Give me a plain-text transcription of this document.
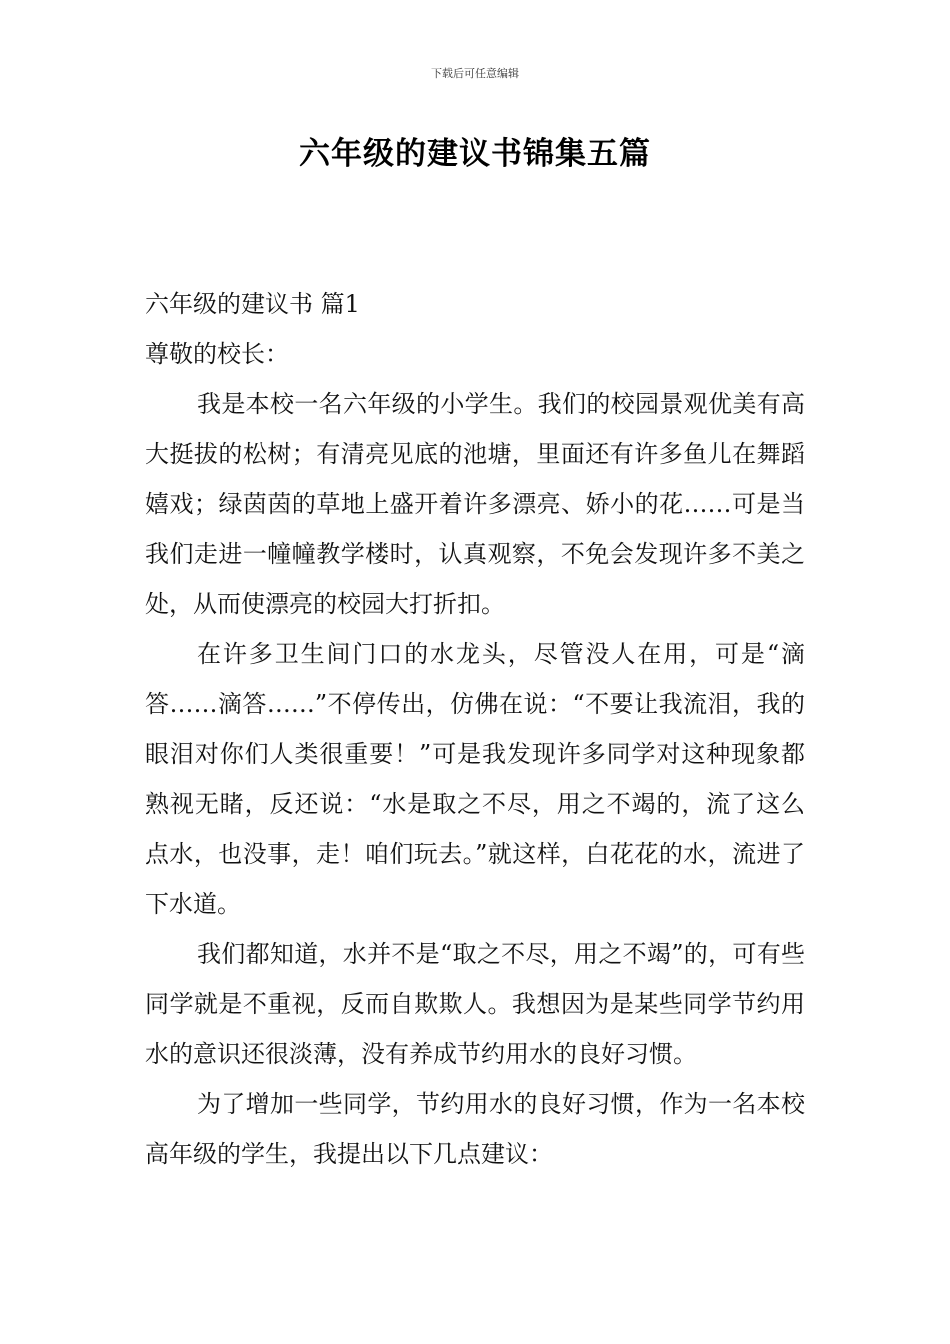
下载后可任意编辑
六年级的建议书锦集五篇
六年级的建议书 篇1
尊敬的校长：

我是本校一名六年级的小学生。我们的校园景观优美有高大挺拔的松树；有清亮见底的池塘，里面还有许多鱼儿在舞蹈嬉戏；绿茵茵的草地上盛开着许多漂亮、娇小的花……可是当我们走进一幢幢教学楼时，认真观察，不免会发现许多不美之处，从而使漂亮的校园大打折扣。

在许多卫生间门口的水龙头，尽管没人在用，可是“滴答……滴答……”不停传出，仿佛在说：“不要让我流泪，我的眼泪对你们人类很重要！”可是我发现许多同学对这种现象都熟视无睹，反还说：“水是取之不尽，用之不竭的，流了这么点水，也没事，走！咱们玩去。”就这样，白花花的水，流进了下水道。

我们都知道，水并不是“取之不尽，用之不竭”的，可有些同学就是不重视，反而自欺欺人。我想因为是某些同学节约用水的意识还很淡薄，没有养成节约用水的良好习惯。

为了增加一些同学，节约用水的良好习惯，作为一名本校高年级的学生，我提出以下几点建议：
